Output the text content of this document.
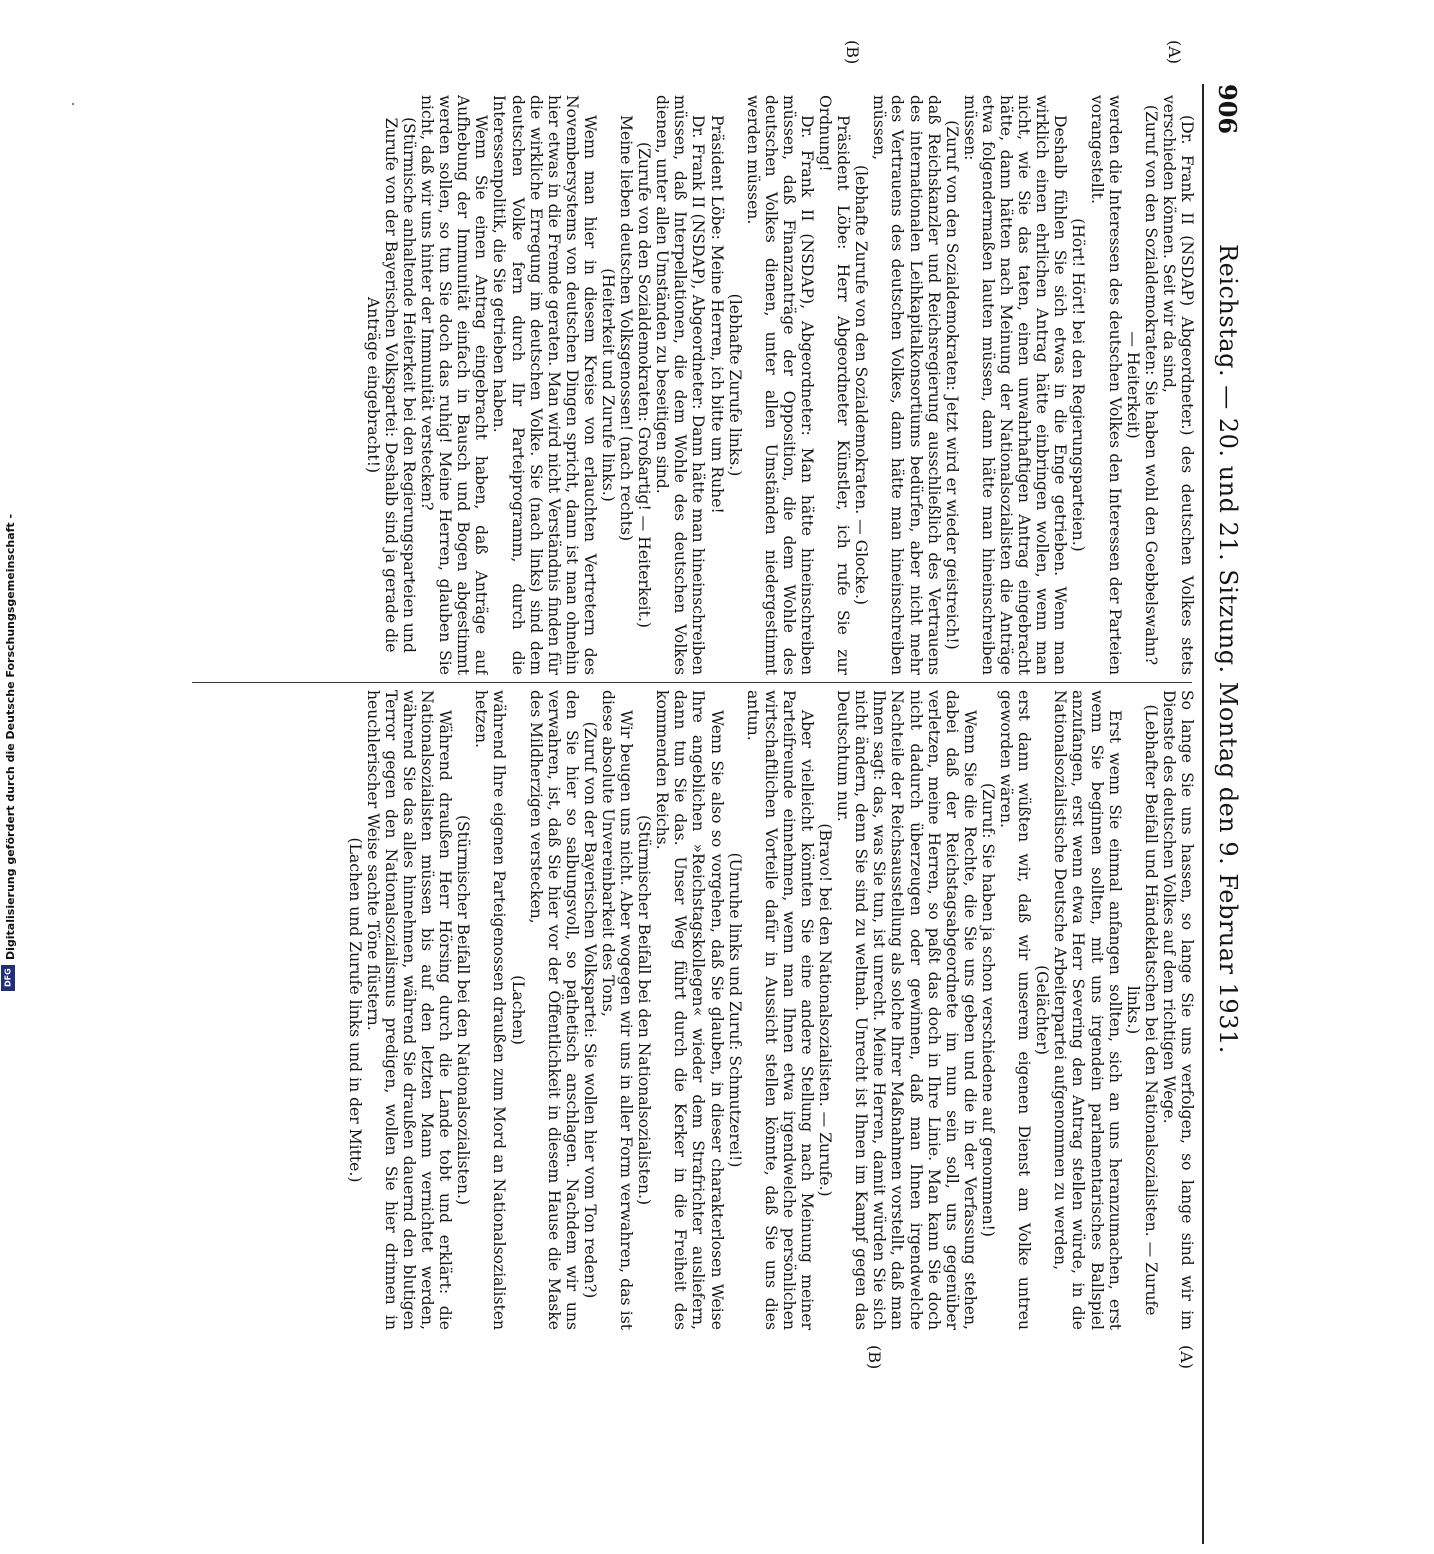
906
Reichstag. — 20. und 21. Sitzung. Montag den 9. Februar 1931.
(A)
(B)
(A)
(B)

(Dr. Frank II (NSDAP) Abgeordneter.) des deutschen Volkes stets verschieden können. Seit wir da sind,

(Zuruf von den Sozialdemokraten: Sie haben wohl den Goebbelswahn? — Heiterkeit)

werden die Interessen des deutschen Volkes den Interessen der Parteien vorangestellt.

(Hört! Hört! bei den Regierungsparteien.)

Deshalb fühlen Sie sich etwas in die Enge getrieben. Wenn man wirklich einen ehrlichen Antrag hätte einbringen wollen, wenn man nicht, wie Sie das taten, einen unwahrhaftigen Antrag eingebracht hätte, dann hätten nach Meinung der Nationalsozialisten die Anträge etwa folgendermaßen lauten müssen, dann hätte man hineinschreiben müssen:

(Zuruf von den Sozialdemokraten: Jetzt wird er wieder geistreich!)

daß Reichskanzler und Reichsregierung ausschließlich des Vertrauens des internationalen Leihkapitalkonsortiums bedürfen, aber nicht mehr des Vertrauens des deutschen Volkes, dann hätte man hineinschreiben müssen,

(lebhafte Zurufe von den Sozialdemokraten. — Glocke.)

Präsident Löbe: Herr Abgeordneter Künstler, ich rufe Sie zur Ordnung!

Dr. Frank II (NSDAP), Abgeordneter: Man hätte hineinschreiben müssen, daß Finanzanträge der Opposition, die dem Wohle des deutschen Volkes dienen, unter allen Umständen niedergestimmt werden müssen.

(lebhafte Zurufe links.)

Präsident Löbe: Meine Herren, ich bitte um Ruhe!

Dr. Frank II (NSDAP), Abgeordneter: Dann hätte man hineinschreiben müssen, daß Interpellationen, die dem Wohle des deutschen Volkes dienen, unter allen Umständen zu beseitigen sind.

(Zurufe von den Sozialdemokraten: Großartig! — Heiterkeit.)

Meine lieben deutschen Volksgenossen! (nach rechts)

(Heiterkeit und Zurufe links.)

Wenn man hier in diesem Kreise von erlauchten Vertretern des Novembersystems von deutschen Dingen spricht, dann ist man ohnehin hier etwas in die Fremde geraten. Man wird nicht Verständnis finden für die wirkliche Erregung im deutschen Volke. Sie (nach links) sind dem deutschen Volke fern durch Ihr Parteiprogramm, durch die Interessenpolitik, die Sie getrieben haben.

Wenn Sie einen Antrag eingebracht haben, daß Anträge auf Aufhebung der Immunität einfach in Bausch und Bogen abgestimmt werden sollen, so tun Sie doch das ruhig! Meine Herren, glauben Sie nicht, daß wir uns hinter der Immunität verstecken?

(Stürmische anhaltende Heiterkeit bei den Regierungsparteien und Zurufe von der Bayerischen Volkspartei: Deshalb sind ja gerade die Anträge eingebracht!)

So lange Sie uns hassen, so lange Sie uns verfolgen, so lange sind wir im Dienste des deutschen Volkes auf dem richtigen Wege.

(Lebhafter Beifall und Händeklatschen bei den Nationalsozialisten. — Zurufe links.)

Erst wenn Sie einmal anfangen sollten, sich an uns heranzumachen, erst wenn Sie beginnen sollten, mit uns irgendein parlamentarisches Ballspiel anzufangen, erst wenn etwa Herr Severing den Antrag stellen würde, in die Nationalsozialistische Deutsche Arbeiterpartei aufgenommen zu werden,

(Gelächter)

erst dann wüßten wir, daß wir unserem eigenen Dienst am Volke untreu geworden wären.

(Zuruf: Sie haben ja schon verschiedene auf genommen!)

Wenn Sie die Rechte, die Sie uns geben und die in der Verfassung stehen, dabei daß der Reichstagsabgeordnete im nun sein soll, uns gegenüber verletzen, meine Herren, so paßt das doch in Ihre Linie. Man kann Sie doch nicht dadurch überzeugen oder gewinnen, daß man Ihnen irgendwelche Nachteile der Reichsausstellung als solche Ihrer Maßnahmen vorstellt, daß man Ihnen sagt: das, was Sie tun, ist unrecht. Meine Herren, damit würden Sie sich nicht ändern, denn Sie sind zu weltnah. Unrecht ist Ihnen im Kampf gegen das Deutschtum nur.

(Bravo! bei den Nationalsozialisten. — Zurufe.)

Aber vielleicht könnten Sie eine andere Stellung nach Meinung meiner Parteifreunde einnehmen, wenn man Ihnen etwa irgendwelche persönlichen wirtschaftlichen Vorteile dafür in Aussicht stellen könnte, daß Sie uns dies antun.

(Unruhe links und Zuruf: Schmutzerei!)

Wenn Sie also so vorgehen, daß Sie glauben, in dieser charakterlosen Weise Ihre angeblichen »Reichstagskollegen« wieder dem Strafrichter ausliefern, dann tun Sie das. Unser Weg führt durch die Kerker in die Freiheit des kommenden Reichs.

(Stürmischer Beifall bei den Nationalsozialisten.)

Wir beugen uns nicht. Aber wogegen wir uns in aller Form verwahren, das ist diese absolute Unvereinbarkeit des Tons,

(Zuruf von der Bayerischen Volkspartei: Sie wollen hier vom Ton reden?)

den Sie hier so salbungsvoll, so pathetisch anschlagen. Nachdem wir uns verwahren, ist, daß Sie hier vor der Öffentlichkeit in diesem Hause die Maske des Mildherzigen verstecken,

(Lachen)

während Ihre eigenen Parteigenossen draußen zum Mord an Nationalsozialisten hetzen.

(Stürmischer Beifall bei den Nationalsozialisten.)

Während draußen Herr Hörsing durch die Lande tobt und erklärt: die Nationalsozialisten müssen bis auf den letzten Mann vernichtet werden, während Sie das alles hinnehmen, während Sie draußen dauernd den blutigen Terror gegen den Nationalsozialismus predigen, wollen Sie hier drinnen in heuchlerischer Weise sachte Töne flüstern.

(Lachen und Zurufe links und in der Mitte.)

Digitalisierung gefördert durch die Deutsche Forschungsgemeinschaft -
DFG
